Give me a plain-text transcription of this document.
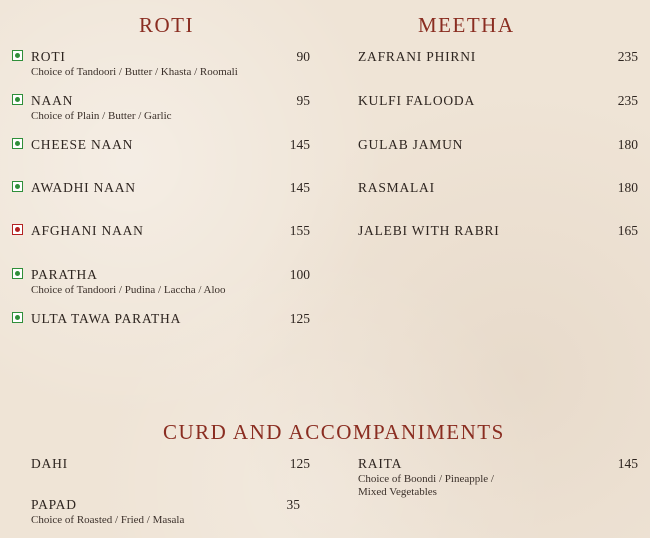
ROTI
ROTI	90
Choice of Tandoori / Butter / Khasta / Roomali
NAAN	95
Choice of Plain / Butter / Garlic
CHEESE NAAN	145
AWADHI NAAN	145
AFGHANI NAAN	155
PARATHA	100
Choice of Tandoori / Pudina / Laccha / Aloo
ULTA TAWA PARATHA	125
MEETHA
ZAFRANI PHIRNI	235
KULFI FALOODA	235
GULAB JAMUN	180
RASMALAI	180
JALEBI WITH RABRI	165
CURD AND ACCOMPANIMENTS
DAHI	125
PAPAD	35
Choice of Roasted / Fried / Masala
RAITA	145
Choice of Boondi / Pineapple /
Mixed Vegetables
